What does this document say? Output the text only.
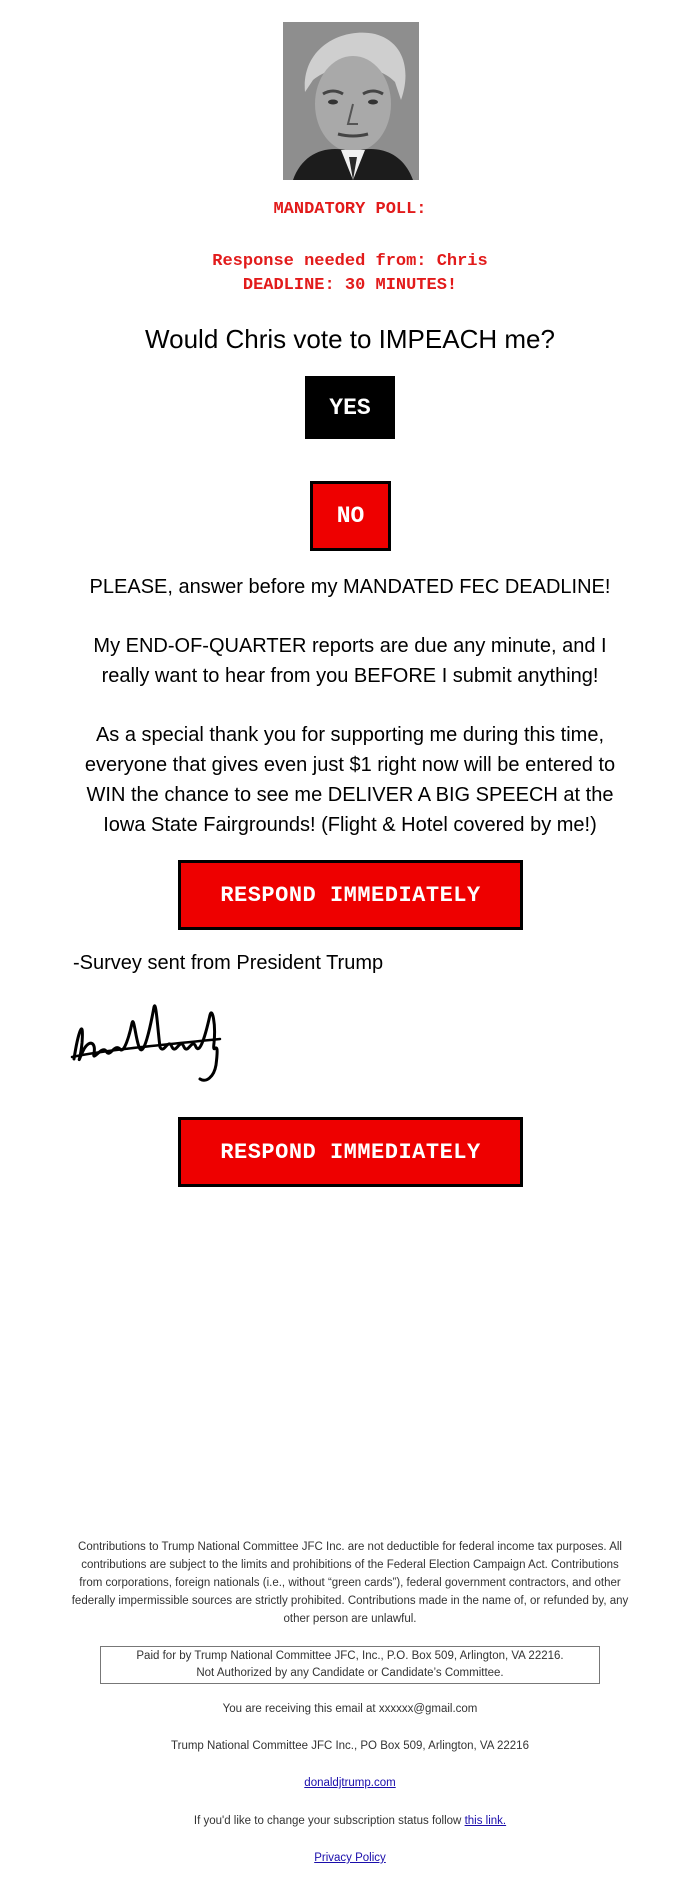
MANDATORY POLL:
Response needed from: Chris
DEADLINE: 30 MINUTES!
Would Chris vote to IMPEACH me?
YES
NO
PLEASE, answer before my MANDATED FEC DEADLINE!
My END-OF-QUARTER reports are due any minute, and I really want to hear from you BEFORE I submit anything!
As a special thank you for supporting me during this time, everyone that gives even just $1 right now will be entered to WIN the chance to see me DELIVER A BIG SPEECH at the Iowa State Fairgrounds! (Flight & Hotel covered by me!)
RESPOND IMMEDIATELY
-Survey sent from President Trump
RESPOND IMMEDIATELY
Contributions to Trump National Committee JFC Inc. are not deductible for federal income tax purposes. All contributions are subject to the limits and prohibitions of the Federal Election Campaign Act. Contributions from corporations, foreign nationals (i.e., without “green cards”), federal government contractors, and other federally impermissible sources are strictly prohibited. Contributions made in the name of, or refunded by, any other person are unlawful.
Paid for by Trump National Committee JFC, Inc., P.O. Box 509, Arlington, VA 22216.
Not Authorized by any Candidate or Candidate’s Committee.
You are receiving this email at xxxxxx@gmail.com
Trump National Committee JFC Inc., PO Box 509, Arlington, VA 22216
donaldjtrump.com
If you'd like to change your subscription status follow this link.
Privacy Policy
